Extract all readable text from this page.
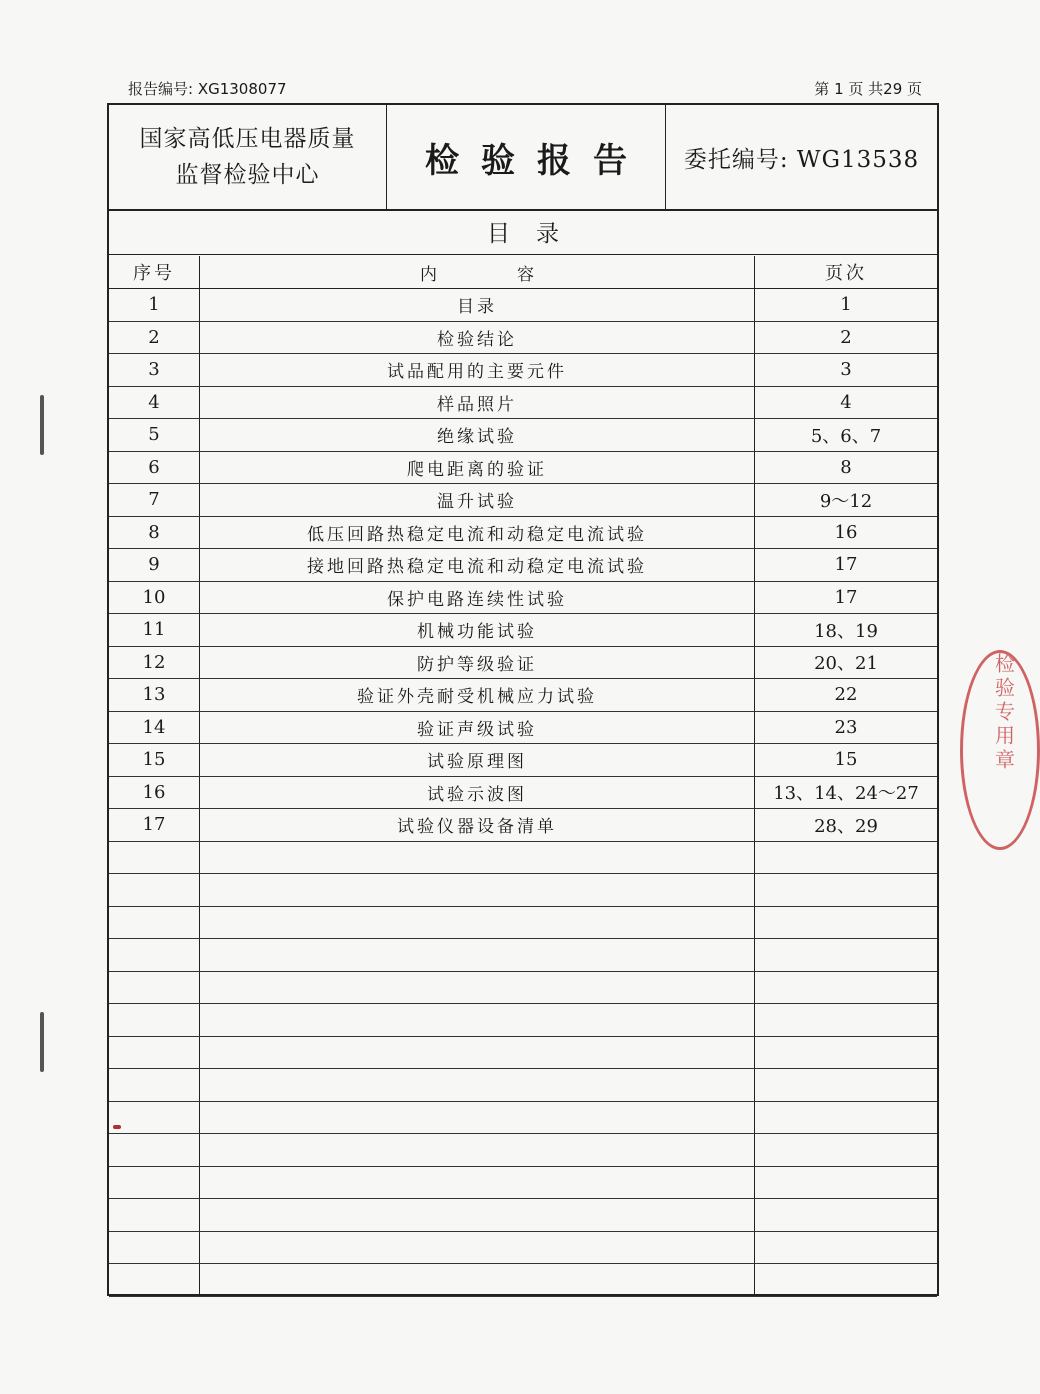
检验专用章
报告编号: XG1308077	第 1 页 共29 页
国家高低压电器质量
监督检验中心	检验报告	委托编号: WG13538
目录
序号	内容	页次
1	目录	1
2	检验结论	2
3	试品配用的主要元件	3
4	样品照片	4
5	绝缘试验	5、6、7
6	爬电距离的验证	8
7	温升试验	9～12
8	低压回路热稳定电流和动稳定电流试验	16
9	接地回路热稳定电流和动稳定电流试验	17
10	保护电路连续性试验	17
11	机械功能试验	18、19
12	防护等级验证	20、21
13	验证外壳耐受机械应力试验	22
14	验证声级试验	23
15	试验原理图	15
16	试验示波图	13、14、24～27
17	试验仪器设备清单	28、29
